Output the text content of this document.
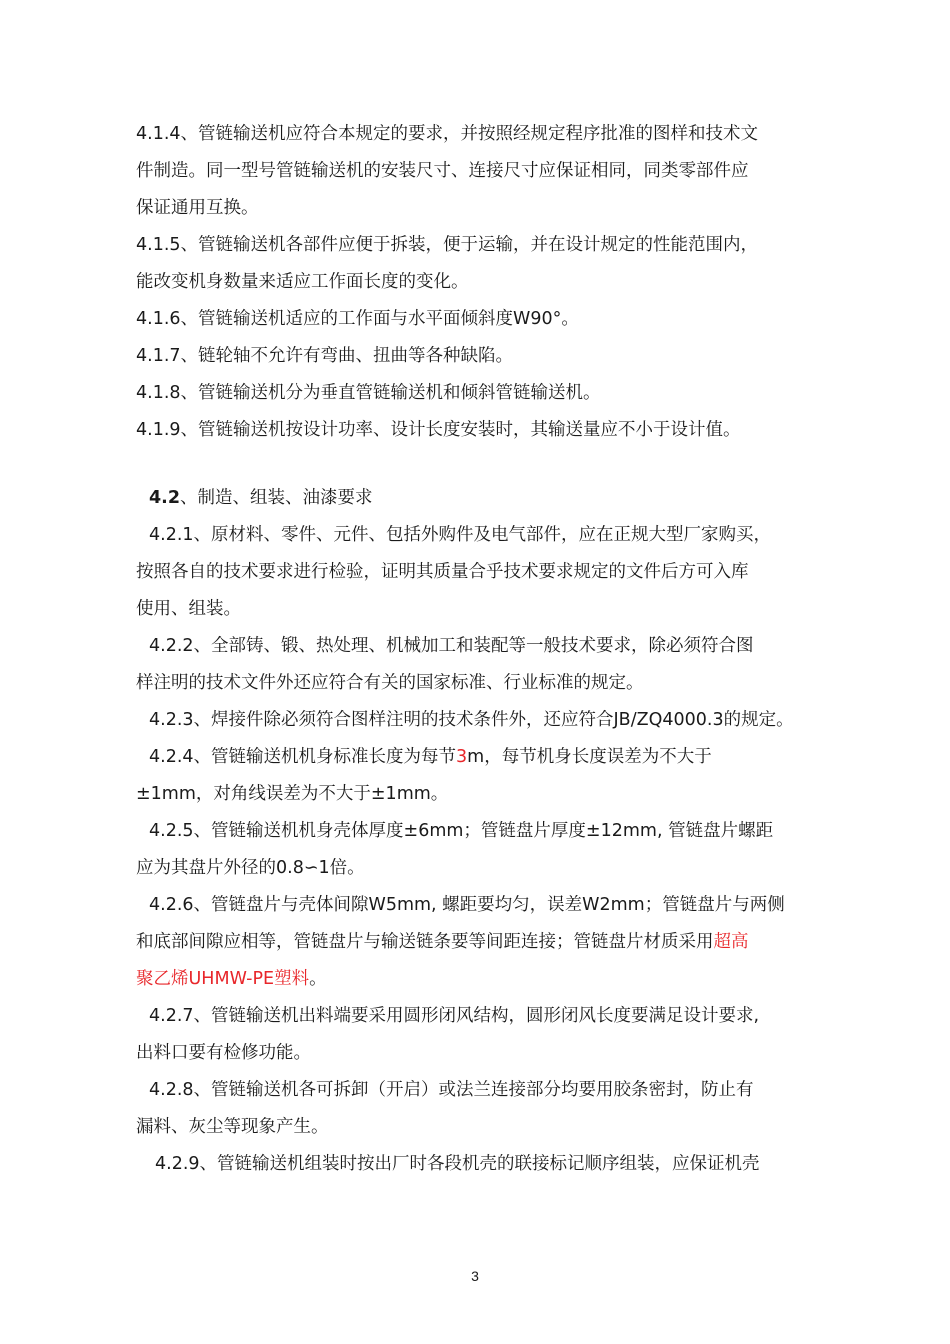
4.1.4、管链输送机应符合本规定的要求，并按照经规定程序批准的图样和技术文
件制造。同一型号管链输送机的安装尺寸、连接尺寸应保证相同，同类零部件应
保证通用互换。
4.1.5、管链输送机各部件应便于拆装，便于运输，并在设计规定的性能范围内，
能改变机身数量来适应工作面长度的变化。
4.1.6、管链输送机适应的工作面与水平面倾斜度W90°。
4.1.7、链轮轴不允许有弯曲、扭曲等各种缺陷。
4.1.8、管链输送机分为垂直管链输送机和倾斜管链输送机。
4.1.9、管链输送机按设计功率、设计长度安装时，其输送量应不小于设计值。
4.2、制造、组装、油漆要求
4.2.1、原材料、零件、元件、包括外购件及电气部件，应在正规大型厂家购买，
按照各自的技术要求进行检验，证明其质量合乎技术要求规定的文件后方可入库
使用、组装。
4.2.2、全部铸、锻、热处理、机械加工和装配等一般技术要求，除必须符合图
样注明的技术文件外还应符合有关的国家标准、行业标准的规定。
4.2.3、焊接件除必须符合图样注明的技术条件外，还应符合JB/ZQ4000.3的规定。
4.2.4、管链输送机机身标准长度为每节3m，每节机身长度误差为不大于
±1mm，对角线误差为不大于±1mm。
4.2.5、管链输送机机身壳体厚度±6mm；管链盘片厚度±12mm, 管链盘片螺距
应为其盘片外径的0.8∽1倍。
4.2.6、管链盘片与壳体间隙W5mm, 螺距要均匀，误差W2mm；管链盘片与两侧
和底部间隙应相等，管链盘片与输送链条要等间距连接；管链盘片材质采用超高
聚乙烯UHMW-PE塑料。
4.2.7、管链输送机出料端要采用圆形闭风结构，圆形闭风长度要满足设计要求,
出料口要有检修功能。
4.2.8、管链输送机各可拆卸（开启）或法兰连接部分均要用胶条密封，防止有
漏料、灰尘等现象产生。
4.2.9、管链输送机组装时按出厂时各段机壳的联接标记顺序组装，应保证机壳
3
